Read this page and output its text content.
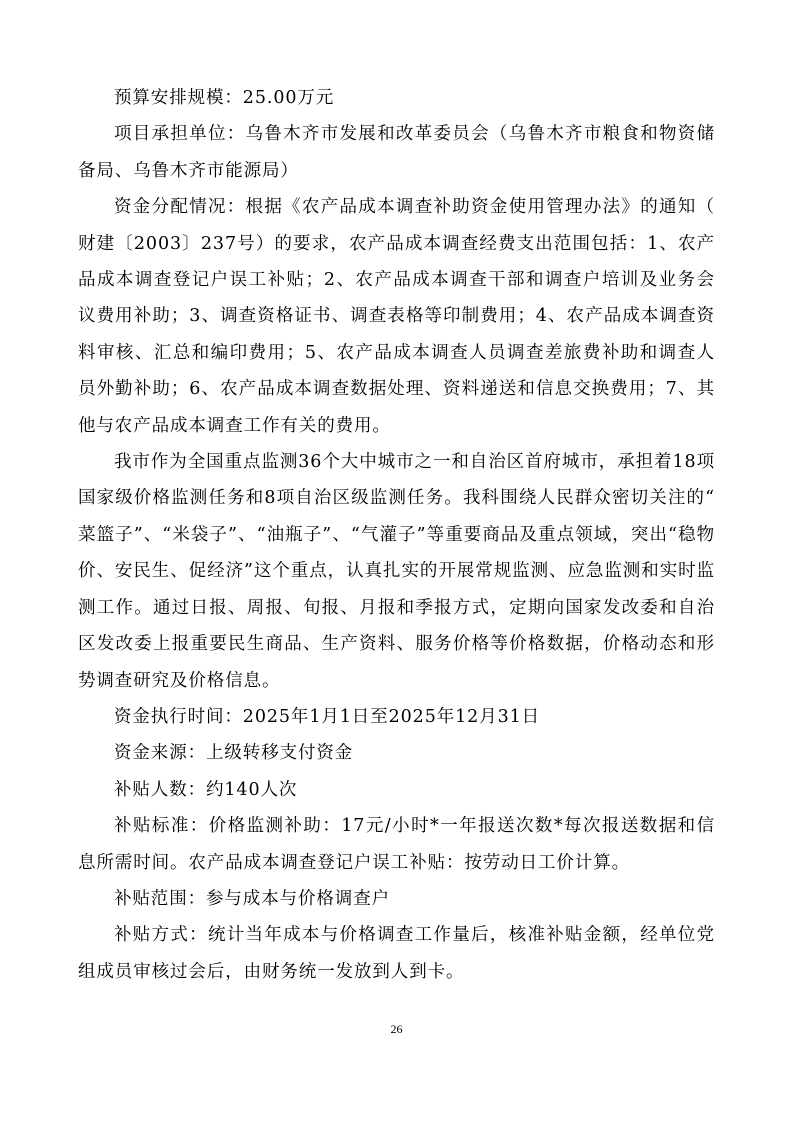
预算安排规模：25.00万元

项目承担单位：乌鲁木齐市发展和改革委员会（乌鲁木齐市粮食和物资储备局、乌鲁木齐市能源局）

资金分配情况：根据《农产品成本调查补助资金使用管理办法》的通知（财建〔2003〕237号）的要求，农产品成本调查经费支出范围包括：1、农产品成本调查登记户误工补贴；2、农产品成本调查干部和调查户培训及业务会议费用补助；3、调查资格证书、调查表格等印制费用；4、农产品成本调查资料审核、汇总和编印费用；5、农产品成本调查人员调查差旅费补助和调查人员外勤补助；6、农产品成本调查数据处理、资料递送和信息交换费用；7、其他与农产品成本调查工作有关的费用。

我市作为全国重点监测36个大中城市之一和自治区首府城市，承担着18项国家级价格监测任务和8项自治区级监测任务。我科围绕人民群众密切关注的“菜篮子”、“米袋子”、“油瓶子”、“气灌子”等重要商品及重点领域，突出“稳物价、安民生、促经济”这个重点，认真扎实的开展常规监测、应急监测和实时监测工作。通过日报、周报、旬报、月报和季报方式，定期向国家发改委和自治区发改委上报重要民生商品、生产资料、服务价格等价格数据，价格动态和形势调查研究及价格信息。

资金执行时间：2025年1月1日至2025年12月31日

资金来源：上级转移支付资金

补贴人数：约140人次

补贴标准：价格监测补助：17元/小时*一年报送次数*每次报送数据和信息所需时间。农产品成本调查登记户误工补贴：按劳动日工价计算。

补贴范围：参与成本与价格调查户

补贴方式：统计当年成本与价格调查工作量后，核准补贴金额，经单位党组成员审核过会后，由财务统一发放到人到卡。

26
